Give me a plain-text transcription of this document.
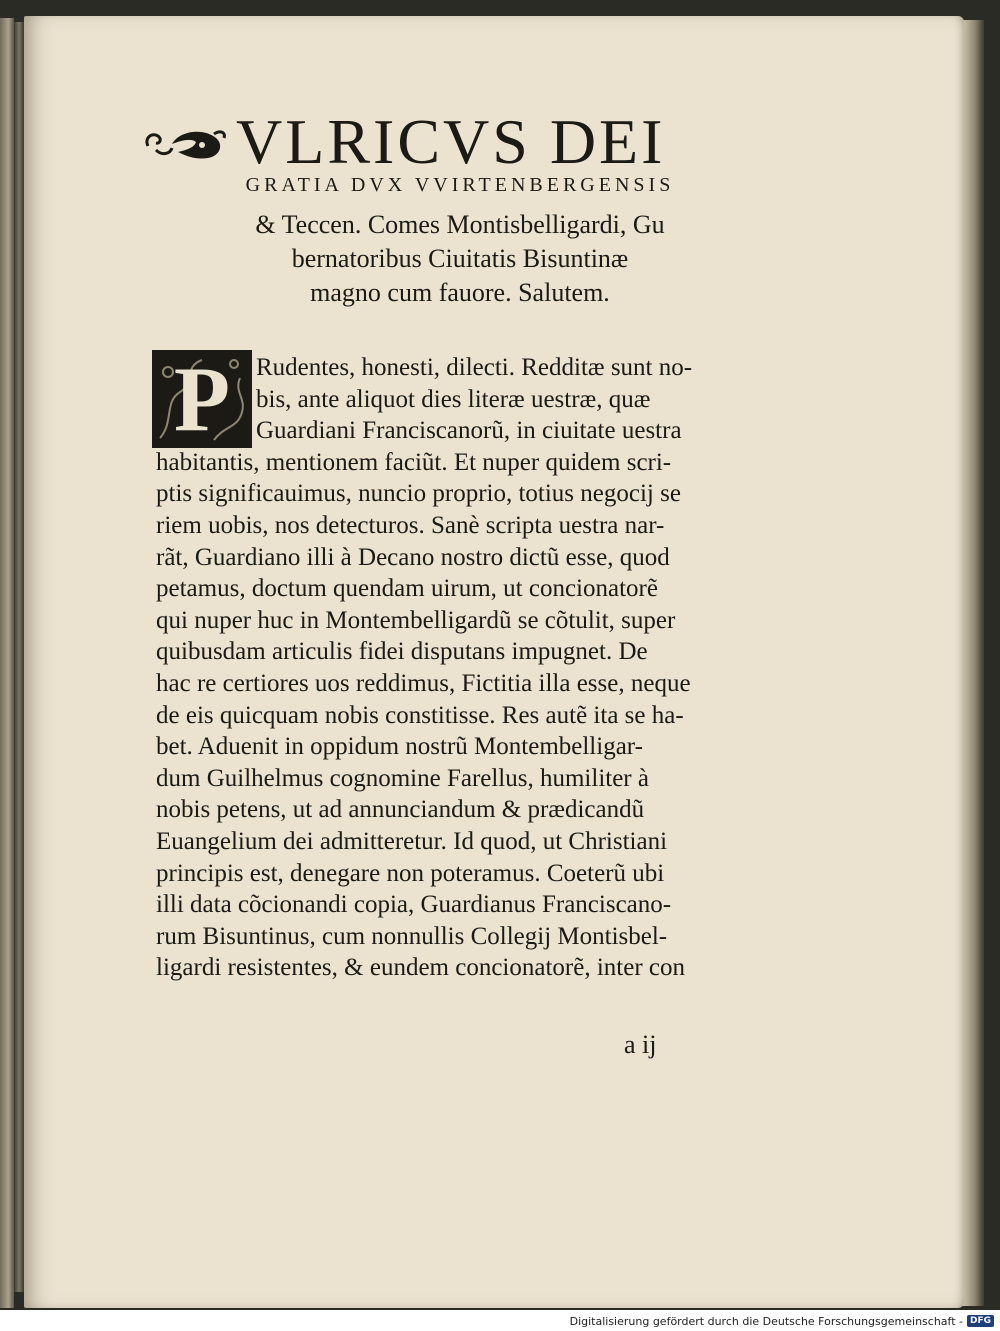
VLRICVS DEI
GRATIA DVX VVIRTENBERGENSIS
& Teccen. Comes Montisbelligardi, Gu
bernatoribus Ciuitatis Bisuntinæ
magno cum fauore. Salutem.
P	Rudentes, honesti, dilecti. Redditæ sunt no-
bis, ante aliquot dies literæ uestræ, quæ
Guardiani Franciscanorũ, in ciuitate uestra
habitantis, mentionem faciũt. Et nuper quidem scri-
ptis significauimus, nuncio proprio, totius negocij se
riem uobis, nos detecturos. Sanè scripta uestra nar-
rãt, Guardiano illi à Decano nostro dictũ esse, quod
petamus, doctum quendam uirum, ut concionatorẽ
qui nuper huc in Montembelligardũ se cõtulit, super
quibusdam articulis fidei disputans impugnet. De
hac re certiores uos reddimus, Fictitia illa esse, neque
de eis quicquam nobis constitisse. Res autẽ ita se ha-
bet. Aduenit in oppidum nostrũ Montembelligar-
dum Guilhelmus cognomine Farellus, humiliter à
nobis petens, ut ad annunciandum & prædicandũ
Euangelium dei admitteretur. Id quod, ut Christiani
principis est, denegare non poteramus. Coeterũ ubi
illi data cõcionandi copia, Guardianus Franciscano-
rum Bisuntinus, cum nonnullis Collegij Montisbel-
ligardi resistentes, & eundem concionatorẽ, inter con
a ij
Digitalisierung gefördert durch die Deutsche Forschungsgemeinschaft - DFG
